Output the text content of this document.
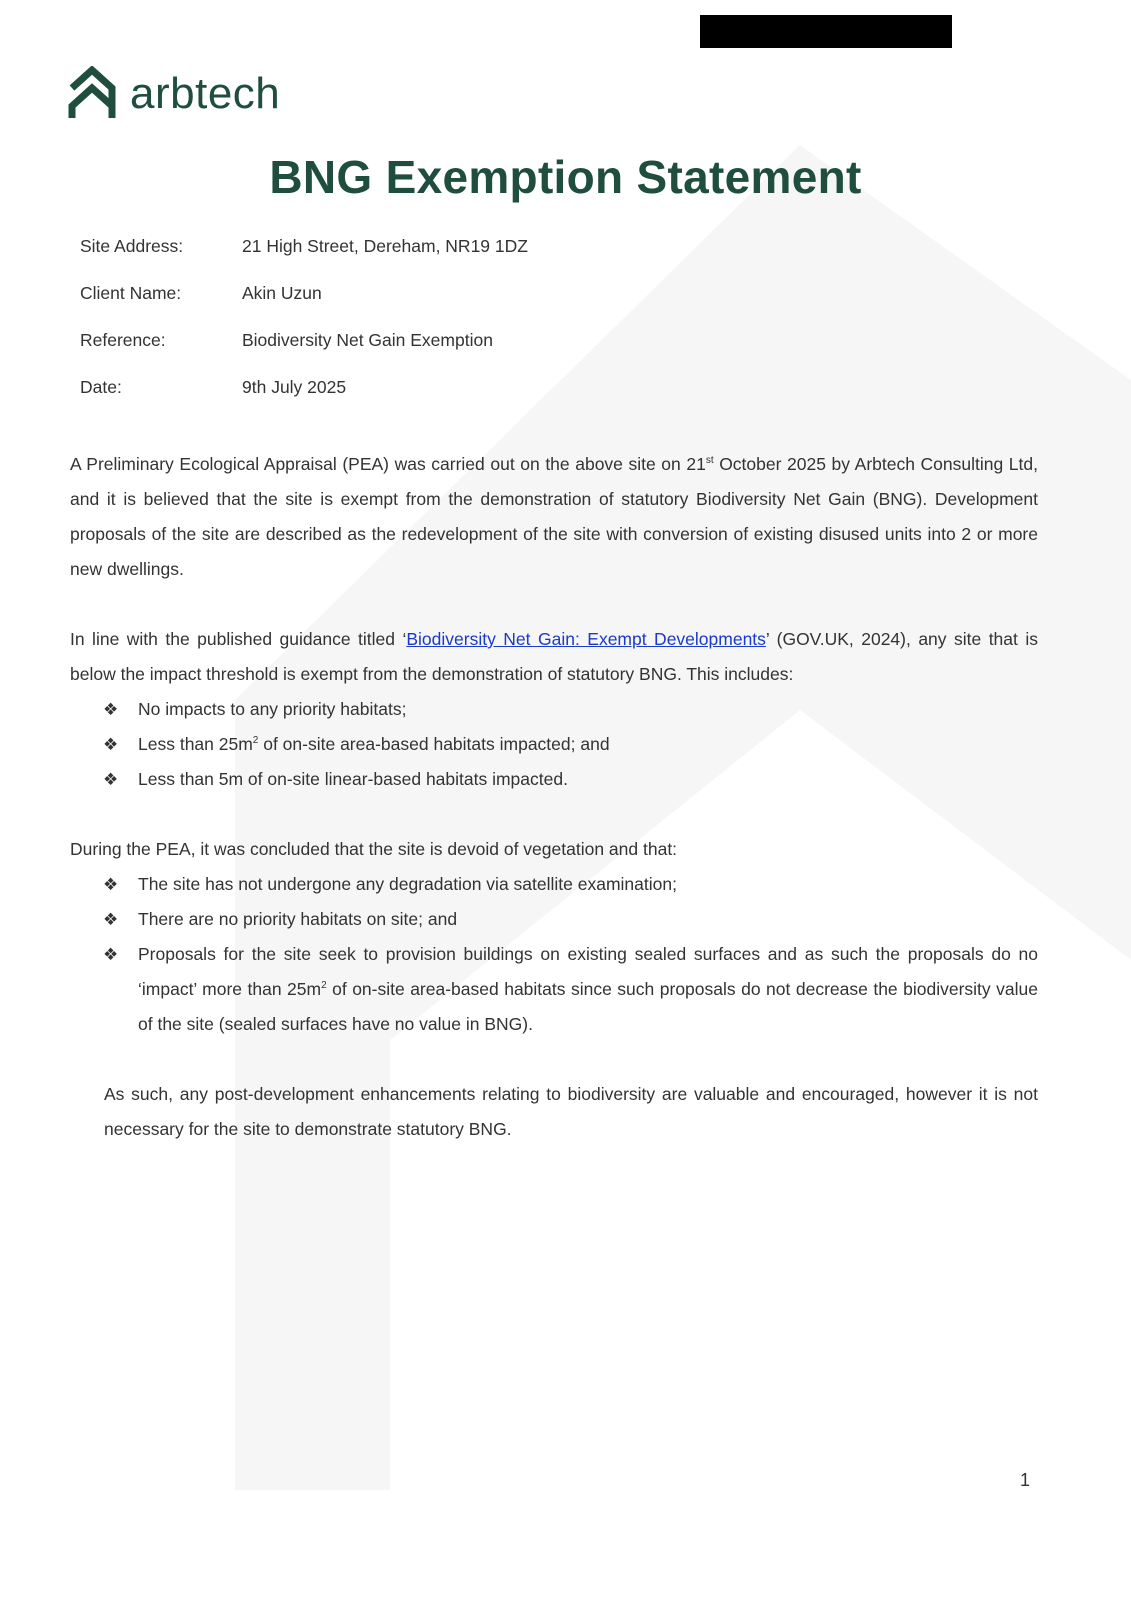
arbtech
BNG Exemption Statement
Site Address:	21 High Street, Dereham, NR19 1DZ
Client Name:	Akin Uzun
Reference:	Biodiversity Net Gain Exemption
Date:	9th July 2025
A Preliminary Ecological Appraisal (PEA) was carried out on the above site on 21st October 2025 by Arbtech Consulting Ltd, and it is believed that the site is exempt from the demonstration of statutory Biodiversity Net Gain (BNG). Development proposals of the site are described as the redevelopment of the site with conversion of existing disused units into 2 or more new dwellings.
In line with the published guidance titled ‘Biodiversity Net Gain: Exempt Developments’ (GOV.UK, 2024), any site that is below the impact threshold is exempt from the demonstration of statutory BNG. This includes:
❖ No impacts to any priority habitats;
❖ Less than $25m^2$ of on-site area-based habitats impacted; and
❖ Less than 5m of on-site linear-based habitats impacted.
During the PEA, it was concluded that the site is devoid of vegetation and that:
❖ The site has not undergone any degradation via satellite examination;
❖ There are no priority habitats on site; and
❖ Proposals for the site seek to provision buildings on existing sealed surfaces and as such the proposals do no ‘impact’ more than $25m^2$ of on-site area-based habitats since such proposals do not decrease the biodiversity value of the site (sealed surfaces have no value in BNG).
As such, any post-development enhancements relating to biodiversity are valuable and encouraged, however it is not necessary for the site to demonstrate statutory BNG.
1
